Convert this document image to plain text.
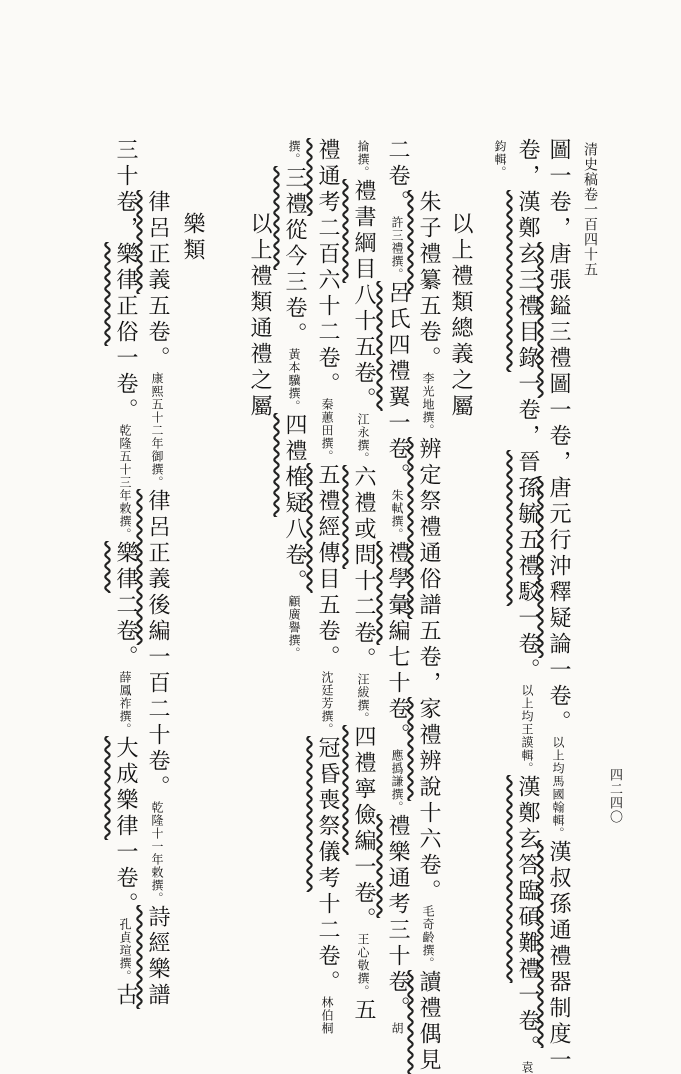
清史稿卷一百四十五
四二四〇
圖一卷，唐張鎰三禮圖一卷，唐元行沖釋疑論一卷。以上均馬國翰輯。漢叔孫通禮器制度一
卷，漢鄭玄三禮目錄一卷，晉孫毓五禮駁一卷。以上均王謨輯。漢鄭玄答臨碩難禮一卷。袁
鈞輯。
以上禮類總義之屬
朱子禮纂五卷。李光地撰。辨定祭禮通俗譜五卷，家禮辨說十六卷。毛奇齡撰。讀禮偶見
二卷。許三禮撰。呂氏四禮翼一卷。朱軾撰。禮學彙編七十卷。應撝謙撰。禮樂通考三十卷。胡
掄撰。禮書綱目八十五卷。江永撰。六禮或問十二卷。汪紱撰。四禮寧儉編一卷。王心敬撰。五
禮通考二百六十二卷。秦蕙田撰。五禮經傳目五卷。沈廷芳撰。冠昏喪祭儀考十二卷。林伯桐
撰。三禮從今三卷。黃本驥撰。四禮榷疑八卷。顧廣譽撰。
以上禮類通禮之屬
樂類
律呂正義五卷。康熙五十二年御撰。律呂正義後編一百二十卷。乾隆十一年敕撰。詩經樂譜
三十卷，樂律正俗一卷。乾隆五十三年敕撰。樂律二卷。薛鳳祚撰。大成樂律一卷。孔貞瑄撰。古
